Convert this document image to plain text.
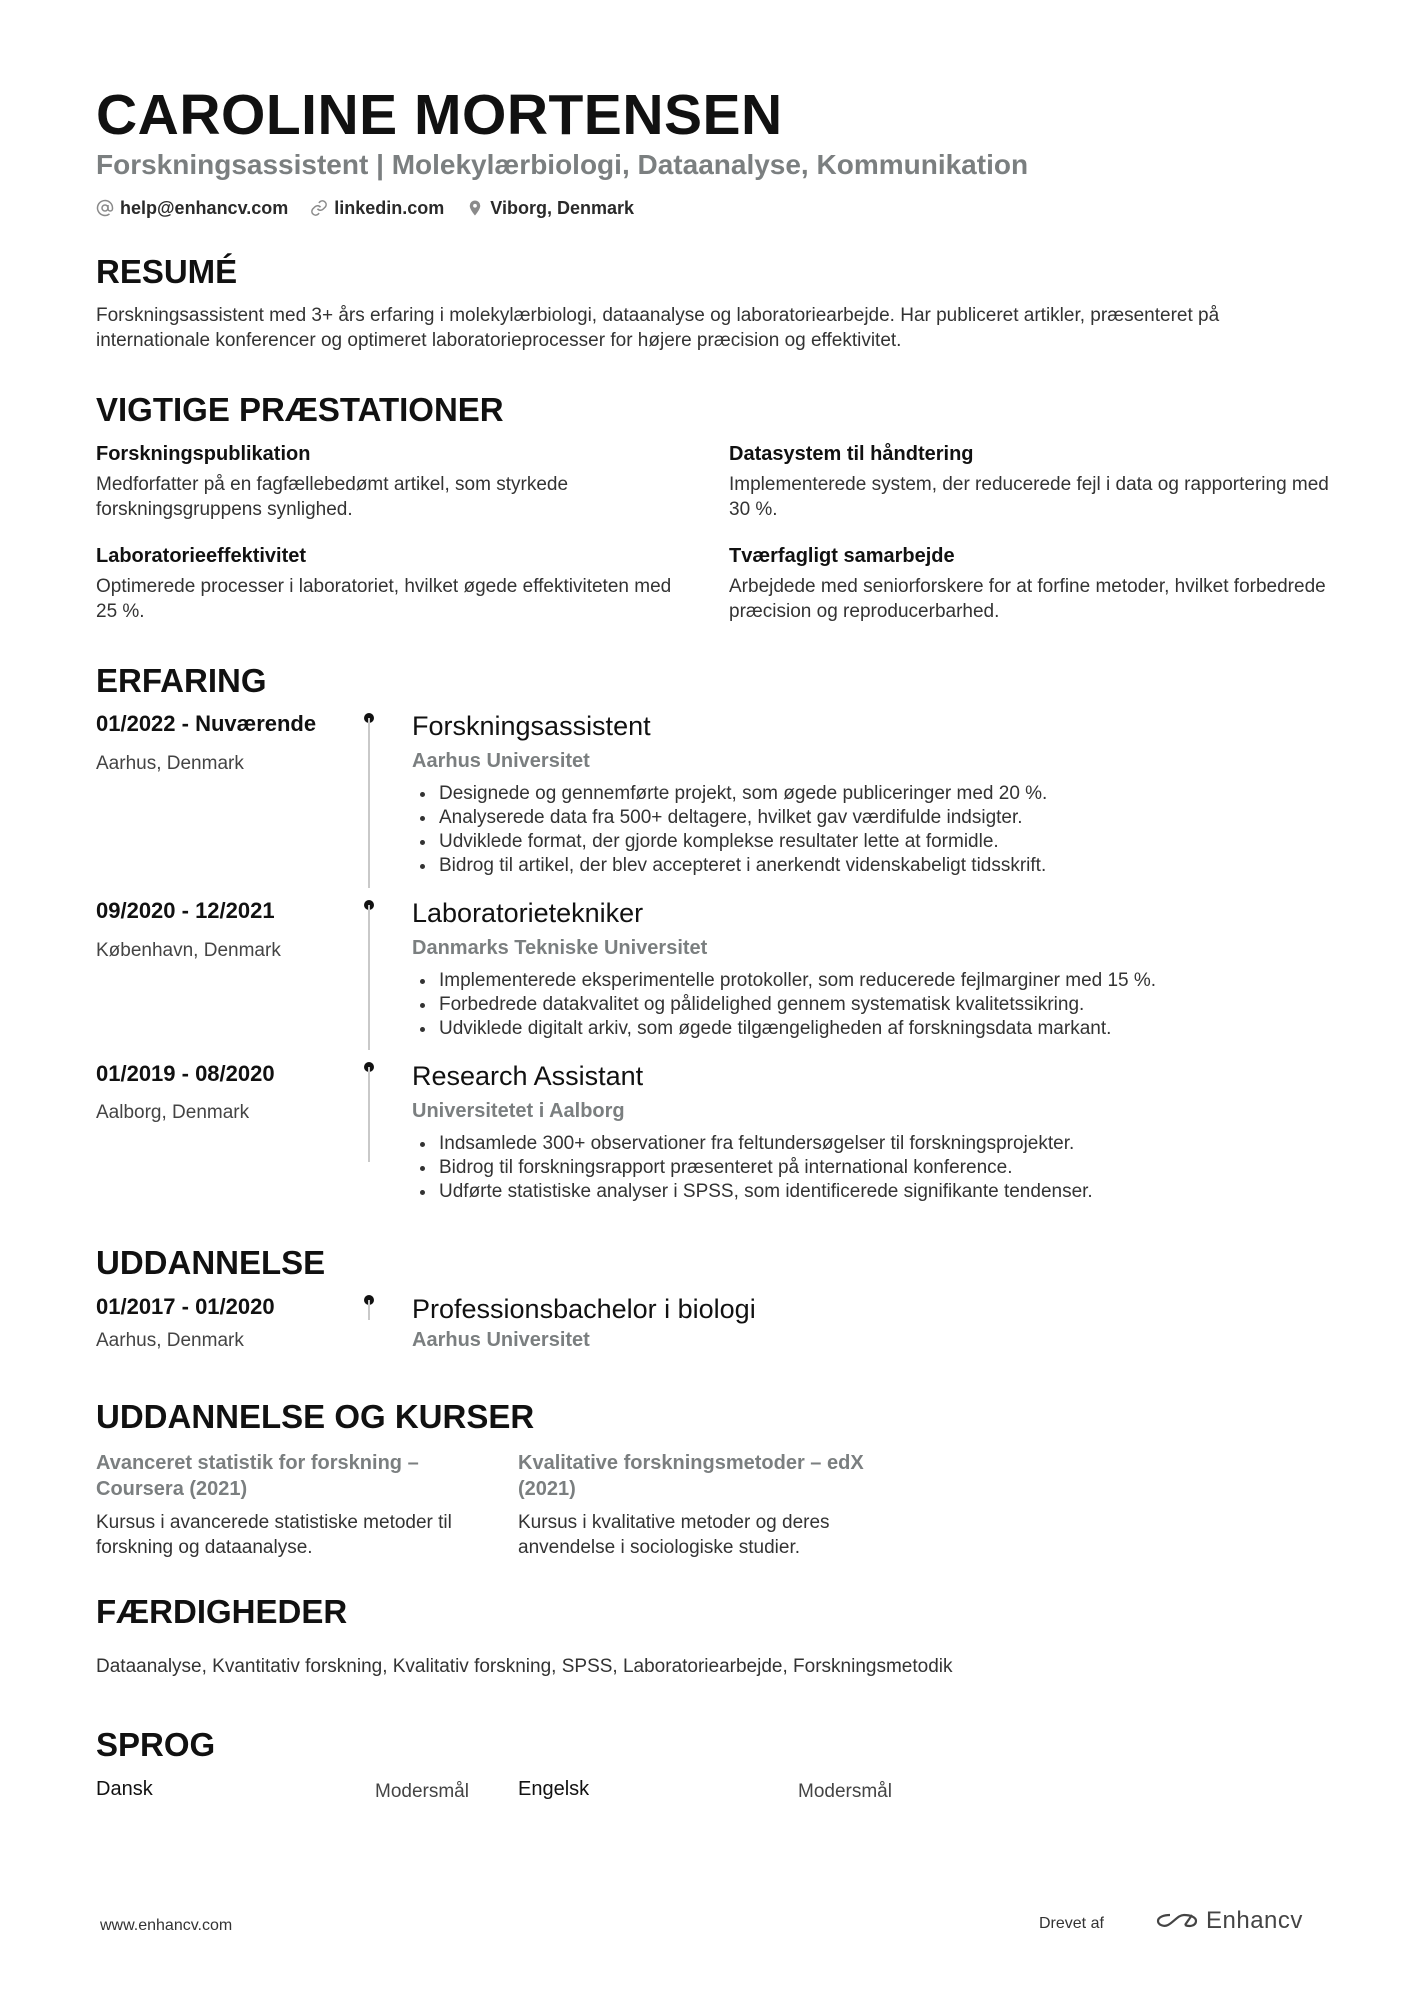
CAROLINE MORTENSEN
Forskningsassistent | Molekylærbiologi, Dataanalyse, Kommunikation
help@enhancv.com	linkedin.com	Viborg, Denmark
RESUMÉ
Forskningsassistent med 3+ års erfaring i molekylærbiologi, dataanalyse og laboratoriearbejde. Har publiceret artikler, præsenteret på internationale konferencer og optimeret laboratorieprocesser for højere præcision og effektivitet.
VIGTIGE PRÆSTATIONER
Forskningspublikation
Medforfatter på en fagfællebedømt artikel, som styrkede forskningsgruppens synlighed.
Datasystem til håndtering
Implementerede system, der reducerede fejl i data og rapportering med 30 %.
Laboratorieeffektivitet
Optimerede processer i laboratoriet, hvilket øgede effektiviteten med 25 %.
Tværfagligt samarbejde
Arbejdede med seniorforskere for at forfine metoder, hvilket forbedrede præcision og reproducerbarhed.
ERFARING
01/2022 - Nuværende
Aarhus, Denmark
Forskningsassistent
Aarhus Universitet
• Designede og gennemførte projekt, som øgede publiceringer med 20 %.
• Analyserede data fra 500+ deltagere, hvilket gav værdifulde indsigter.
• Udviklede format, der gjorde komplekse resultater lette at formidle.
• Bidrog til artikel, der blev accepteret i anerkendt videnskabeligt tidsskrift.
09/2020 - 12/2021
København, Denmark
Laboratorietekniker
Danmarks Tekniske Universitet
• Implementerede eksperimentelle protokoller, som reducerede fejlmarginer med 15 %.
• Forbedrede datakvalitet og pålidelighed gennem systematisk kvalitetssikring.
• Udviklede digitalt arkiv, som øgede tilgængeligheden af forskningsdata markant.
01/2019 - 08/2020
Aalborg, Denmark
Research Assistant
Universitetet i Aalborg
• Indsamlede 300+ observationer fra feltundersøgelser til forskningsprojekter.
• Bidrog til forskningsrapport præsenteret på international konference.
• Udførte statistiske analyser i SPSS, som identificerede signifikante tendenser.
UDDANNELSE
01/2017 - 01/2020
Aarhus, Denmark
Professionsbachelor i biologi
Aarhus Universitet
UDDANNELSE OG KURSER
Avanceret statistik for forskning – Coursera (2021)
Kursus i avancerede statistiske metoder til forskning og dataanalyse.
Kvalitative forskningsmetoder – edX (2021)
Kursus i kvalitative metoder og deres anvendelse i sociologiske studier.
FÆRDIGHEDER
Dataanalyse, Kvantitativ forskning, Kvalitativ forskning, SPSS, Laboratoriearbejde, Forskningsmetodik
SPROG
Dansk	Modersmål Engelsk	Modersmål
www.enhancv.com	Drevet af	Enhancv
